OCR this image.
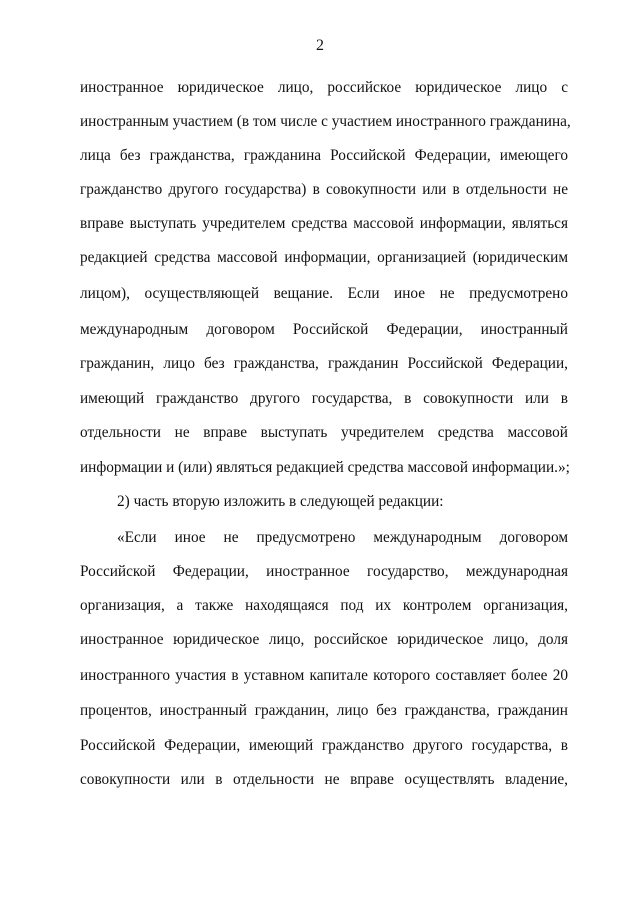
2
иностранное юридическое лицо, российское юридическое лицо с
иностранным участием (в том числе с участием иностранного гражданина,
лица без гражданства, гражданина Российской Федерации, имеющего
гражданство другого государства) в совокупности или в отдельности не
вправе выступать учредителем средства массовой информации, являться
редакцией средства массовой информации, организацией (юридическим
лицом), осуществляющей вещание. Если иное не предусмотрено
международным договором Российской Федерации, иностранный
гражданин, лицо без гражданства, гражданин Российской Федерации,
имеющий гражданство другого государства, в совокупности или в
отдельности не вправе выступать учредителем средства массовой
информации и (или) являться редакцией средства массовой информации.»;
2) часть вторую изложить в следующей редакции:
«Если иное не предусмотрено международным договором
Российской Федерации, иностранное государство, международная
организация, а также находящаяся под их контролем организация,
иностранное юридическое лицо, российское юридическое лицо, доля
иностранного участия в уставном капитале которого составляет более 20
процентов, иностранный гражданин, лицо без гражданства, гражданин
Российской Федерации, имеющий гражданство другого государства, в
совокупности или в отдельности не вправе осуществлять владение,
